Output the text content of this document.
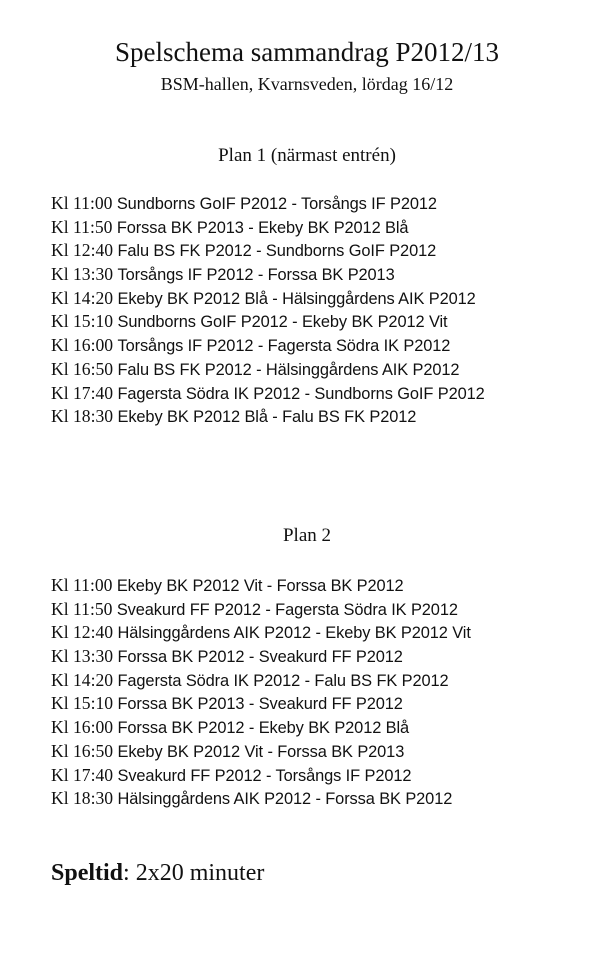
Spelschema sammandrag P2012/13
BSM-hallen, Kvarnsveden, lördag 16/12
Plan 1 (närmast entrén)
Kl 11:00 Sundborns GoIF P2012 - Torsångs IF P2012
Kl 11:50 Forssa BK P2013 - Ekeby BK P2012 Blå
Kl 12:40 Falu BS FK P2012 - Sundborns GoIF P2012
Kl 13:30 Torsångs IF P2012 - Forssa BK P2013
Kl 14:20 Ekeby BK P2012 Blå - Hälsinggårdens AIK P2012
Kl 15:10 Sundborns GoIF P2012 - Ekeby BK P2012 Vit
Kl 16:00 Torsångs IF P2012 - Fagersta Södra IK P2012
Kl 16:50 Falu BS FK P2012 - Hälsinggårdens AIK P2012
Kl 17:40 Fagersta Södra IK P2012 - Sundborns GoIF P2012
Kl 18:30 Ekeby BK P2012 Blå - Falu BS FK P2012
Plan 2
Kl 11:00 Ekeby BK P2012 Vit - Forssa BK P2012
Kl 11:50 Sveakurd FF P2012 - Fagersta Södra IK P2012
Kl 12:40 Hälsinggårdens AIK P2012 - Ekeby BK P2012 Vit
Kl 13:30 Forssa BK P2012 - Sveakurd FF P2012
Kl 14:20 Fagersta Södra IK P2012 - Falu BS FK P2012
Kl 15:10 Forssa BK P2013 - Sveakurd FF P2012
Kl 16:00 Forssa BK P2012 - Ekeby BK P2012 Blå
Kl 16:50 Ekeby BK P2012 Vit - Forssa BK P2013
Kl 17:40 Sveakurd FF P2012 - Torsångs IF P2012
Kl 18:30 Hälsinggårdens AIK P2012 - Forssa BK P2012
Speltid: 2x20 minuter
